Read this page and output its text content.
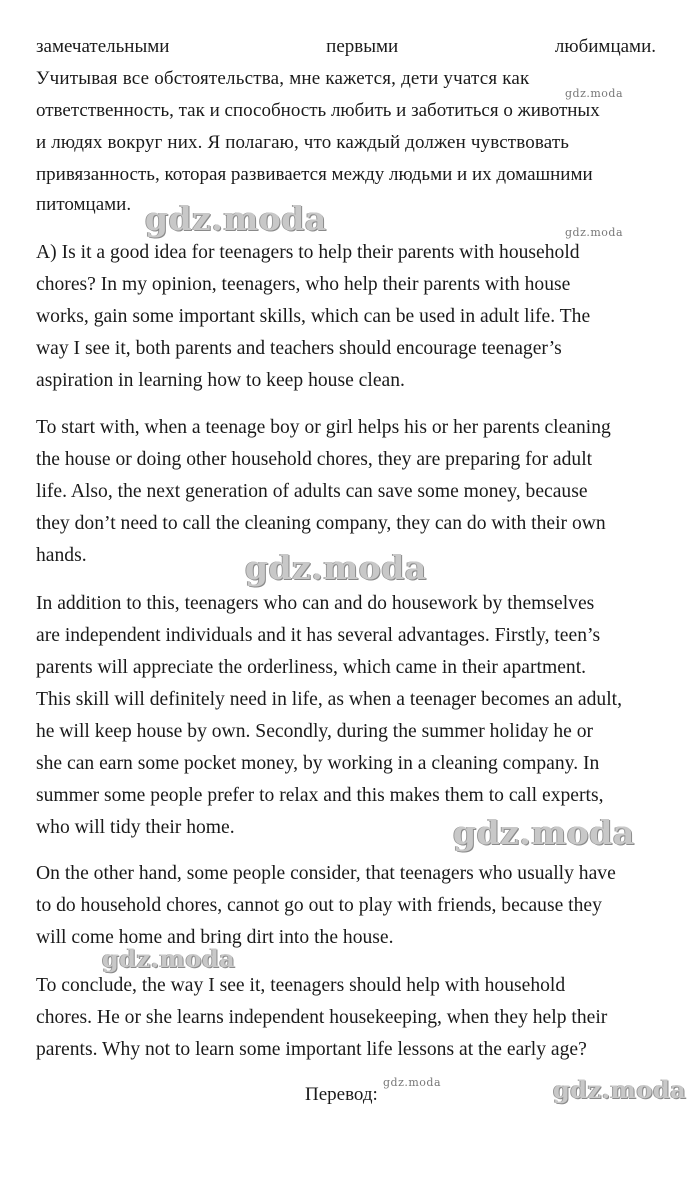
замечательными	первыми	любимцами.
Учитывая все обстоятельства, мне кажется, дети учатся как
ответственность, так и способность любить и заботиться о животных
и людях вокруг них. Я полагаю, что каждый должен чувствовать
привязанность, которая развивается между людьми и их домашними
питомцами.
A) Is it a good idea for teenagers to help their parents with household
chores? In my opinion, teenagers, who help their parents with house
works, gain some important skills, which can be used in adult life. The
way I see it, both parents and teachers should encourage teenager’s
aspiration in learning how to keep house clean.
To start with, when a teenage boy or girl helps his or her parents cleaning
the house or doing other household chores, they are preparing for adult
life. Also, the next generation of adults can save some money, because
they don’t need to call the cleaning company, they can do with their own
hands.
In addition to this, teenagers who can and do housework by themselves
are independent individuals and it has several advantages. Firstly, teen’s
parents will appreciate the orderliness, which came in their apartment.
This skill will definitely need in life, as when a teenager becomes an adult,
he will keep house by own. Secondly, during the summer holiday he or
she can earn some pocket money, by working in a cleaning company. In
summer some people prefer to relax and this makes them to call experts,
who will tidy their home.
On the other hand, some people consider, that teenagers who usually have
to do household chores, cannot go out to play with friends, because they
will come home and bring dirt into the house.
To conclude, the way I see it, teenagers should help with household
chores. He or she learns independent housekeeping, when they help their
parents. Why not to learn some important life lessons at the early age?
Перевод:
gdz.moda
gdz.moda	gdz.moda
gdz.moda
gdz.moda
gdz.moda
gdz.moda	gdz.moda
